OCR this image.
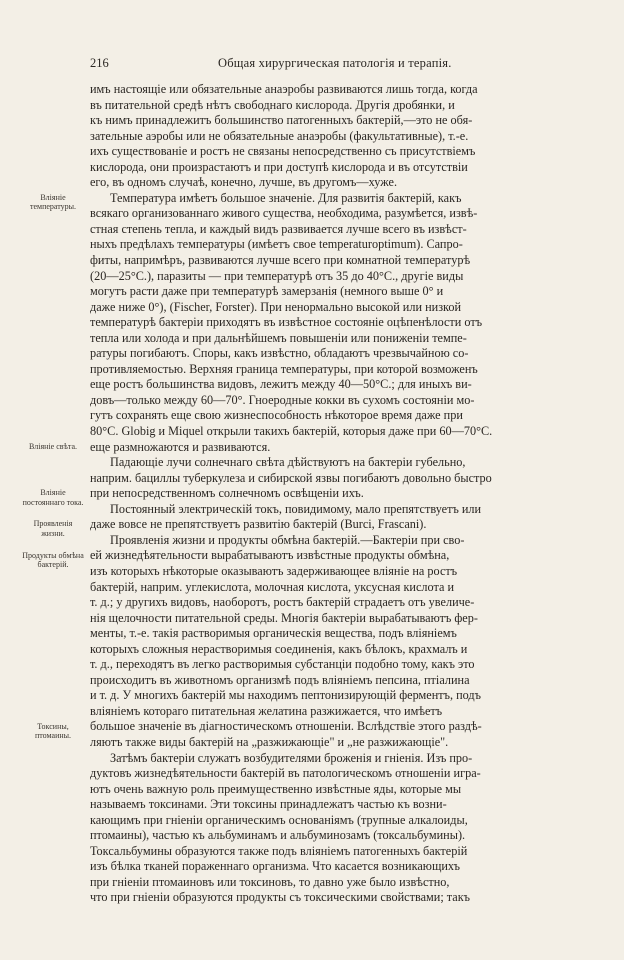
216	Общая хирургическая патологія и терапія.
Вліяніе температуры.
Вліяніе свѣта.
Вліяніе постояннаго тока.
Проявленія жизни.
Продукты обмѣна бактерій.
Токсины, птомаины.
имъ настоящіе или обязательные анаэробы развиваются лишь тогда, когда
въ питательной средѣ нѣтъ свободнаго кислорода. Другія дробянки, и
къ нимъ принадлежитъ большинство патогенныхъ бактерій,—это не обя-
зательные аэробы или не обязательные анаэробы (факультативные), т.-е.
ихъ существованіе и ростъ не связаны непосредственно съ присутствіемъ
кислорода, они произрастаютъ и при доступѣ кислорода и въ отсутствіи
его, въ одномъ случаѣ, конечно, лучше, въ другомъ—хуже.
Температура имѣетъ большое значеніе. Для развитія бактерій, какъ
всякаго организованнаго живого существа, необходима, разумѣется, извѣ-
стная степень тепла, и каждый видъ развивается лучше всего въ извѣст-
ныхъ предѣлахъ температуры (имѣетъ свое temperaturoptimum). Сапро-
фиты, напримѣръ, развиваются лучше всего при комнатной температурѣ
(20—25°С.), паразиты — при температурѣ отъ 35 до 40°С., другіе виды
могутъ расти даже при температурѣ замерзанія (немного выше 0° и
даже ниже 0°), (Fischer, Forster). При ненормально высокой или низкой
температурѣ бактеріи приходятъ въ извѣстное состояніе оцѣпенѣлости отъ
тепла или холода и при дальнѣйшемъ повышеніи или пониженіи темпе-
ратуры погибаютъ. Споры, какъ извѣстно, обладаютъ чрезвычайною со-
противляемостью. Верхняя граница температуры, при которой возможенъ
еще ростъ большинства видовъ, лежитъ между 40—50°С.; для иныхъ ви-
довъ—только между 60—70°. Гноеродные кокки въ сухомъ состояніи мо-
гутъ сохранять еще свою жизнеспособность нѣкоторое время даже при
80°С. Globig и Miquel открыли такихъ бактерій, которыя даже при 60—70°С.
еще размножаются и развиваются.
Падающіе лучи солнечнаго свѣта дѣйствуютъ на бактеріи губельно,
наприм. бациллы туберкулеза и сибирской язвы погибаютъ довольно быстро
при непосредственномъ солнечномъ освѣщеніи ихъ.
Постоянный электрическій токъ, повидимому, мало препятствуетъ или
даже вовсе не препятствуетъ развитію бактерій (Burci, Frascani).
Проявленія жизни и продукты обмѣна бактерій.—Бактеріи при сво-
ей жизнедѣятельности вырабатываютъ извѣстные продукты обмѣна,
изъ которыхъ нѣкоторые оказываютъ задерживающее вліяніе на ростъ
бактерій, наприм. углекислота, молочная кислота, уксусная кислота и
т. д.; у другихъ видовъ, наоборотъ, ростъ бактерій страдаетъ отъ увеличе-
нія щелочности питательной среды. Многія бактеріи вырабатываютъ фер-
менты, т.-е. такія растворимыя органическія вещества, подъ вліяніемъ
которыхъ сложныя нерастворимыя соединенія, какъ бѣлокъ, крахмалъ и
т. д., переходятъ въ легко растворимыя субстанціи подобно тому, какъ это
происходитъ въ животномъ организмѣ подъ вліяніемъ пепсина, птіалина
и т. д. У многихъ бактерій мы находимъ пептонизирующій ферментъ, подъ
вліяніемъ котораго питательная желатина разжижается, что имѣетъ
большое значеніе въ діагностическомъ отношеніи. Вслѣдствіе этого раздѣ-
ляютъ также виды бактерій на „разжижающіе" и „не разжижающіе".
Затѣмъ бактеріи служатъ возбудителями броженія и гніенія. Изъ про-
дуктовъ жизнедѣятельности бактерій въ патологическомъ отношеніи игра-
ютъ очень важную роль преимущественно извѣстные яды, которые мы
называемъ токсинами. Эти токсины принадлежатъ частью къ возни-
кающимъ при гніеніи органическимъ основаніямъ (трупные алкалоиды,
птомаины), частью къ альбуминамъ и альбуминозамъ (токсальбумины).
Токсальбумины образуются также подъ вліяніемъ патогенныхъ бактерій
изъ бѣлка тканей пораженнаго организма. Что касается возникающихъ
при гніеніи птомаиновъ или токсиновъ, то давно уже было извѣстно,
что при гніеніи образуются продукты съ токсическими свойствами; такъ
